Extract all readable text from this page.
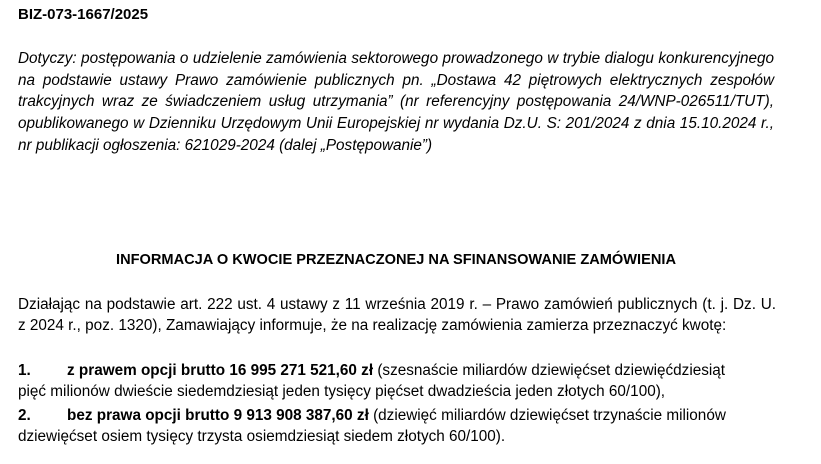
BIZ-073-1667/2025
Dotyczy: postępowania o udzielenie zamówienia sektorowego prowadzonego w trybie dialogu konkurencyjnego na podstawie ustawy Prawo zamówienie publicznych pn. „Dostawa 42 piętrowych elektrycznych zespołów trakcyjnych wraz ze świadczeniem usług utrzymania” (nr referencyjny postępowania 24/WNP-026511/TUT), opublikowanego w Dzienniku Urzędowym Unii Europejskiej nr wydania Dz.U. S: 201/2024 z dnia 15.10.2024 r., nr publikacji ogłoszenia: 621029-2024 (dalej „Postępowanie”)
INFORMACJA O KWOCIE PRZEZNACZONEJ NA SFINANSOWANIE ZAMÓWIENIA
Działając na podstawie art. 222 ust. 4 ustawy z 11 września 2019 r. – Prawo zamówień publicznych (t. j. Dz. U. z 2024 r., poz. 1320), Zamawiający informuje, że na realizację zamówienia zamierza przeznaczyć kwotę:
1. z prawem opcji brutto 16 995 271 521,60 zł (szesnaście miliardów dziewięćset dziewięćdziesiąt
pięć milionów dwieście siedemdziesiąt jeden tysięcy pięćset dwadzieścia jeden złotych 60/100),
2. bez prawa opcji brutto 9 913 908 387,60 zł (dziewięć miliardów dziewięćset trzynaście milionów
dziewięćset osiem tysięcy trzysta osiemdziesiąt siedem złotych 60/100).
